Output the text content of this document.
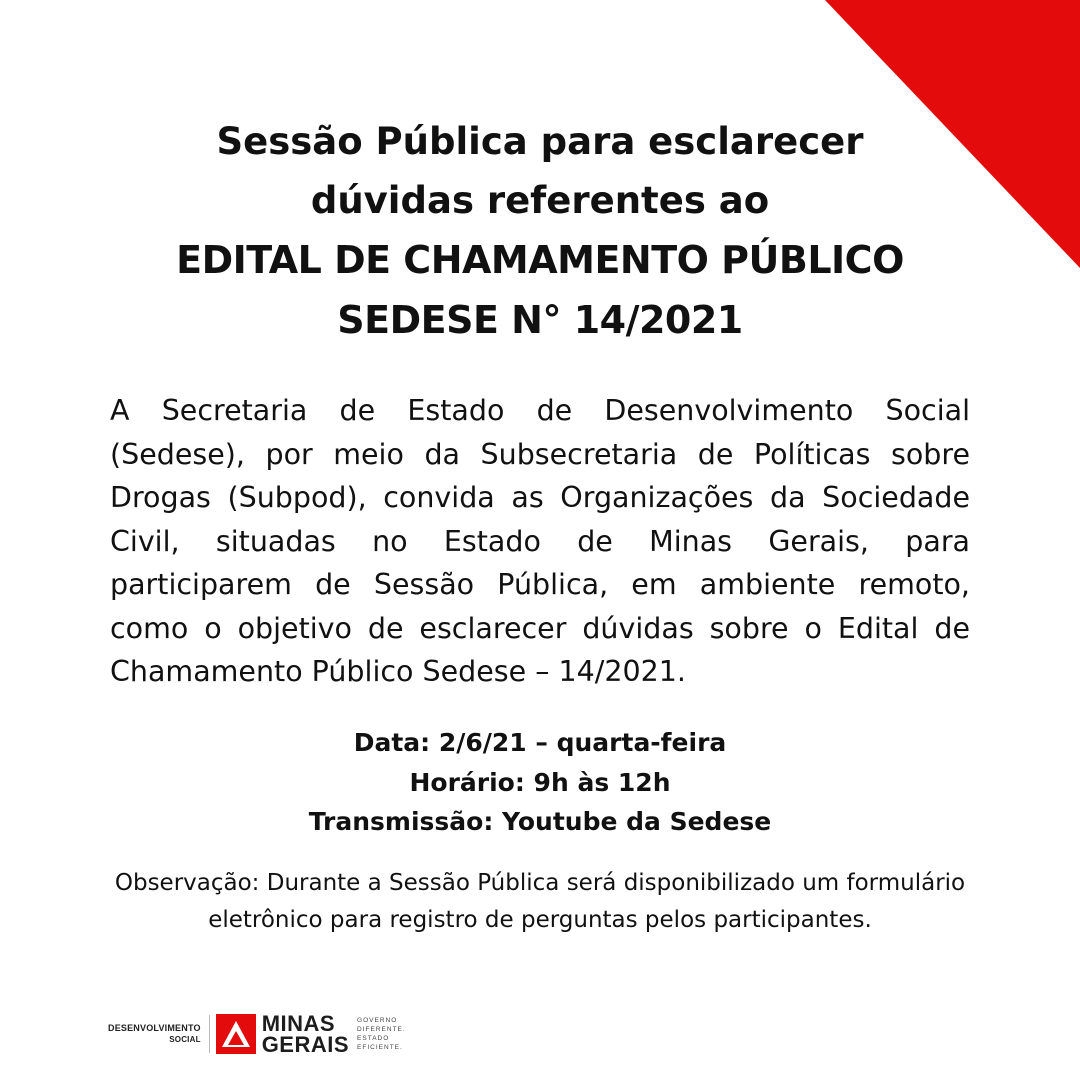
Sessão Pública para esclarecer
dúvidas referentes ao
EDITAL DE CHAMAMENTO PÚBLICO
SEDESE N° 14/2021

A Secretaria de Estado de Desenvolvimento Social (Sedese), por meio da Subsecretaria de Políticas sobre Drogas (Subpod), convida as Organizações da Sociedade Civil, situadas no Estado de Minas Gerais, para participarem de Sessão Pública, em ambiente remoto, como o objetivo de esclarecer dúvidas sobre o Edital de Chamamento Público Sedese – 14/2021.

Data: 2/6/21 – quarta-feira
Horário: 9h às 12h
Transmissão: Youtube da Sedese
Observação: Durante a Sessão Pública será disponibilizado um formulário eletrônico para registro de perguntas pelos participantes.
DESENVOLVIMENTO
SOCIAL
MINAS
GERAIS
GOVERNO
DIFERENTE.
ESTADO
EFICIENTE.
